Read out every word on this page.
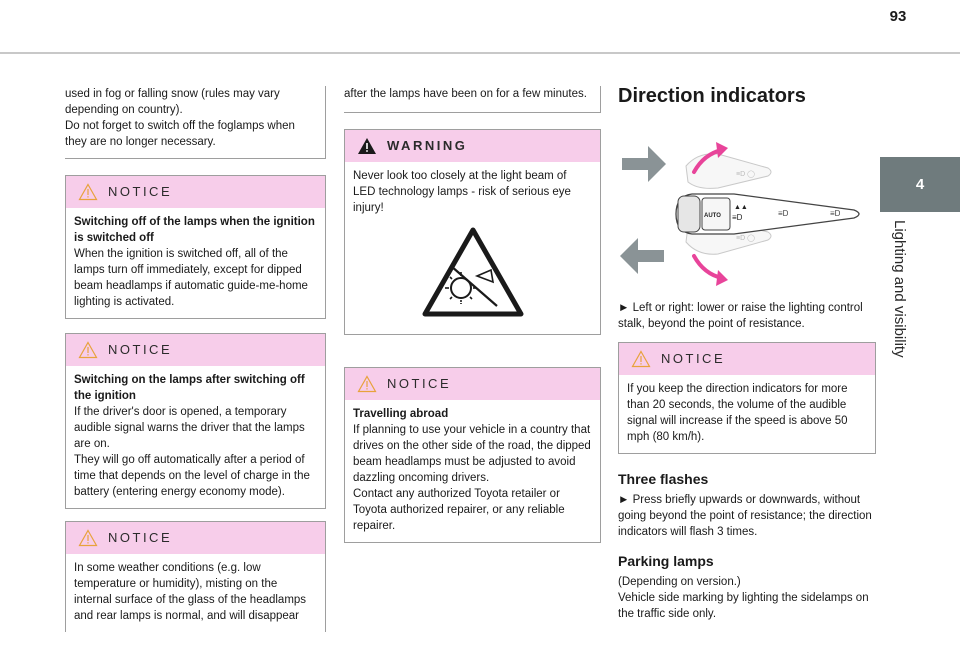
93
4
Lighting and visibility
used in fog or falling snow (rules may vary depending on country).
Do not forget to switch off the foglamps when they are no longer necessary.
NOTICE
Switching off of the lamps when the ignition is switched off
When the ignition is switched off, all of the lamps turn off immediately, except for dipped beam headlamps if automatic guide-me-home lighting is activated.
NOTICE
Switching on the lamps after switching off the ignition
If the driver's door is opened, a temporary audible signal warns the driver that the lamps are on.
They will go off automatically after a period of time that depends on the level of charge in the battery (entering energy economy mode).
NOTICE
In some weather conditions (e.g. low temperature or humidity), misting on the internal surface of the glass of the headlamps and rear lamps is normal, and will disappear
after the lamps have been on for a few minutes.
WARNING
Never look too closely at the light beam of LED technology lamps - risk of serious eye injury!
NOTICE
Travelling abroad
If planning to use your vehicle in a country that drives on the other side of the road, the dipped beam headlamps must be adjusted to avoid dazzling oncoming drivers.
Contact any authorized Toyota retailer or Toyota authorized repairer, or any reliable repairer.
Direction indicators
≡D ◯
≡D ◯
AUTO
▲▲
≡D	≡D	≡D
► Left or right: lower or raise the lighting control stalk, beyond the point of resistance.
NOTICE
If you keep the direction indicators for more than 20 seconds, the volume of the audible signal will increase if the speed is above 50 mph (80 km/h).
Three flashes
► Press briefly upwards or downwards, without going beyond the point of resistance; the direction indicators will flash 3 times.
Parking lamps
(Depending on version.)
Vehicle side marking by lighting the sidelamps on the traffic side only.
